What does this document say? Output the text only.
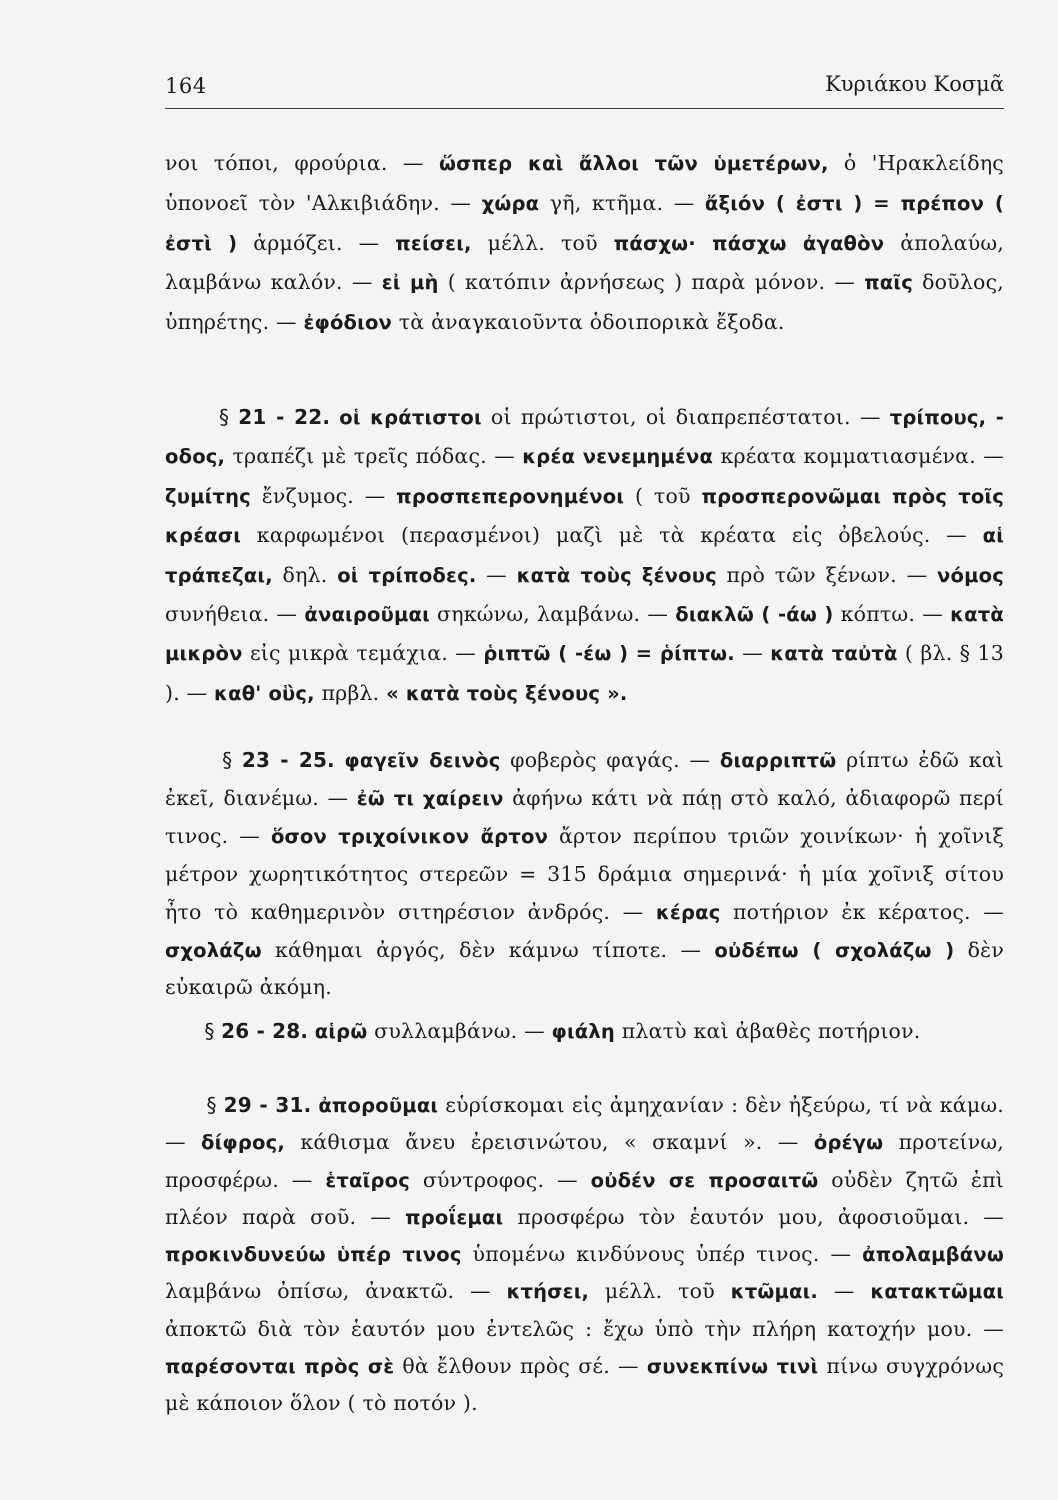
164	Κυριάκου Κοσμᾶ

νοι τόποι, φρούρια. — ὥσπερ καὶ ἄλλοι τῶν ὑμετέρων, ὁ 'Ηρακλείδης ὑπονοεῖ τὸν 'Αλκιβιάδην. — χώρα γῆ, κτῆμα. — ἄξιόν ( ἐστι ) = πρέπον ( ἐστὶ ) ἁρμόζει. — πείσει, μέλλ. τοῦ πάσχω· πάσχω ἀγαθὸν ἀπολαύω, λαμβάνω καλόν. — εἰ μὴ ( κατόπιν ἀρνήσεως ) παρὰ μόνον. — παῖς δοῦλος, ὑπηρέτης. — ἐφόδιον τὰ ἀναγκαιοῦντα ὁδοιπορικὰ ἔξοδα.

§ 21 - 22. οἱ κράτιστοι οἱ πρώτιστοι, οἱ διαπρεπέστατοι. — τρίπους, - οδος, τραπέζι μὲ τρεῖς πόδας. — κρέα νενεμημένα κρέατα κομματιασμένα. — ζυμίτης ἔνζυμος. — προσπεπερονημένοι ( τοῦ προσπερονῶμαι πρὸς τοῖς κρέασι καρφωμένοι (περασμένοι) μαζὶ μὲ τὰ κρέατα εἰς ὀβελούς. — αἱ τράπεζαι, δηλ. οἱ τρίποδες. — κατὰ τοὺς ξένους πρὸ τῶν ξένων. — νόμος συνήθεια. — ἀναιροῦμαι σηκώνω, λαμβάνω. — διακλῶ ( -άω ) κόπτω. — κατὰ μικρὸν εἰς μικρὰ τεμάχια. — ῥιπτῶ ( -έω ) = ῥίπτω. — κατὰ ταὐτὰ ( βλ. § 13 ). — καθ' οὓς, πρβλ. « κατὰ τοὺς ξένους ».

§ 23 - 25. φαγεῖν δεινὸς φοβερὸς φαγάς. — διαρριπτῶ ρίπτω ἐδῶ καὶ ἐκεῖ, διανέμω. — ἐῶ τι χαίρειν ἀφήνω κάτι νὰ πάῃ στὸ καλό, ἀδιαφορῶ περί τινος. — ὅσον τριχοίνικον ἄρτον ἄρτον περίπου τριῶν χοινίκων· ἡ χοῖνιξ μέτρον χωρητικότητος στερεῶν = 315 δράμια σημερινά· ἡ μία χοῖνιξ σίτου ἦτο τὸ καθημερινὸν σιτηρέσιον ἀνδρός. — κέρας ποτήριον ἐκ κέρατος. — σχολάζω κάθημαι ἀργός, δὲν κάμνω τίποτε. — οὐδέπω ( σχολάζω ) δὲν εὐκαιρῶ ἀκόμη.

§ 26 - 28. αἱρῶ συλλαμβάνω. — φιάλη πλατὺ καὶ ἀβαθὲς ποτήριον.

§ 29 - 31. ἀποροῦμαι εὑρίσκομαι εἰς ἀμηχανίαν : δὲν ἠξεύρω, τί νὰ κάμω. — δίφρος, κάθισμα ἄνευ ἐρεισινώτου, « σκαμνί ». — ὀρέγω προτείνω, προσφέρω. — ἑταῖρος σύντροφος. — οὐδέν σε προσαιτῶ οὐδὲν ζητῶ ἐπὶ πλέον παρὰ σοῦ. — προΐεμαι προσφέρω τὸν ἑαυτόν μου, ἀφοσιοῦμαι. — προκινδυνεύω ὑπέρ τινος ὑπομένω κινδύνους ὑπέρ τινος. — ἀπολαμβάνω λαμβάνω ὀπίσω, ἀνακτῶ. — κτήσει, μέλλ. τοῦ κτῶμαι. — κατακτῶμαι ἀποκτῶ διὰ τὸν ἑαυτόν μου ἐντελῶς : ἔχω ὑπὸ τὴν πλήρη κατοχήν μου. — παρέσονται πρὸς σὲ θὰ ἔλθουν πρὸς σέ. — συνεκπίνω τινὶ πίνω συγχρόνως μὲ κάποιον ὅλον ( τὸ ποτόν ).
